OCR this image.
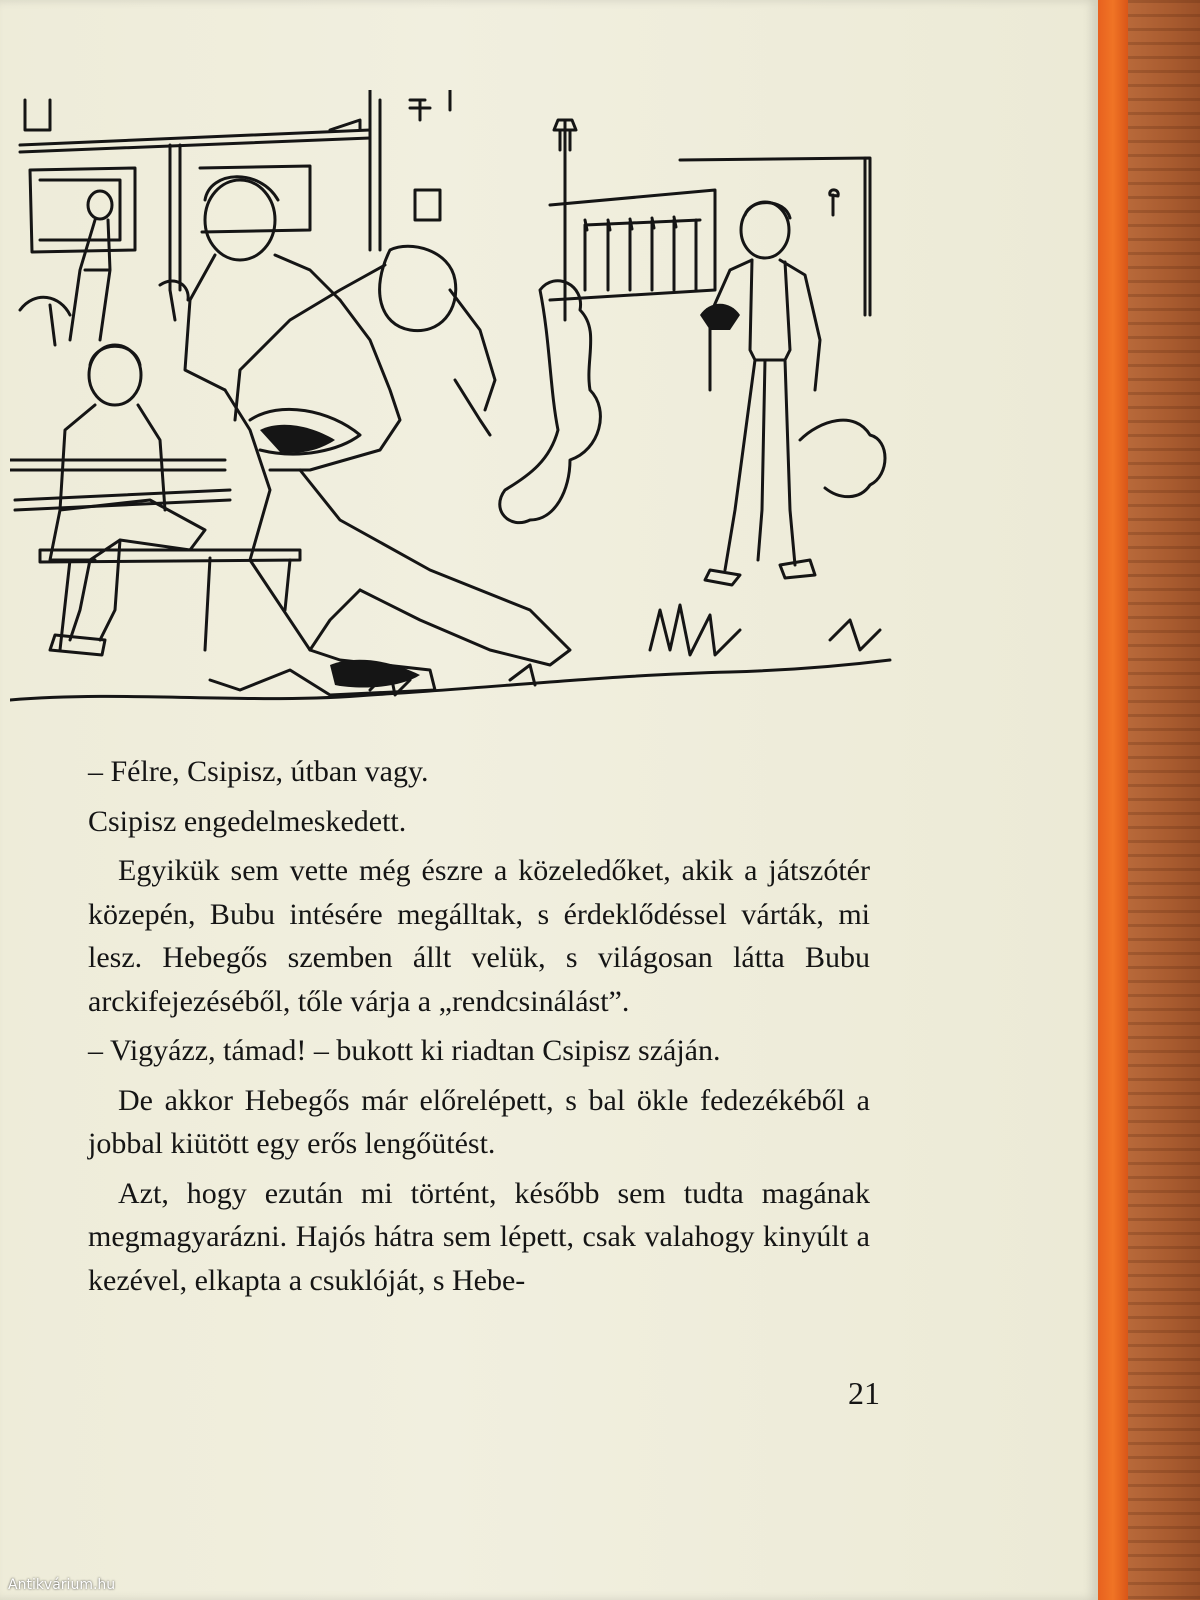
– Félre, Csipisz, útban vagy.

Csipisz engedelmeskedett.

Egyikük sem vette még észre a közeledőket, akik a játszótér közepén, Bubu intésére megálltak, s érdeklődéssel várták, mi lesz. Hebegős szemben állt velük, s világosan látta Bubu arckifejezéséből, tőle várja a „rendcsinálást”.

– Vigyázz, támad! – bukott ki riadtan Csipisz száján.

De akkor Hebegős már előrelépett, s bal ökle fedezékéből a jobbal kiütött egy erős lengőütést.

Azt, hogy ezután mi történt, később sem tudta magának megmagyarázni. Hajós hátra sem lépett, csak valahogy kinyúlt a kezével, elkapta a csuklóját, s Hebe-

21
Antikvárium.hu
